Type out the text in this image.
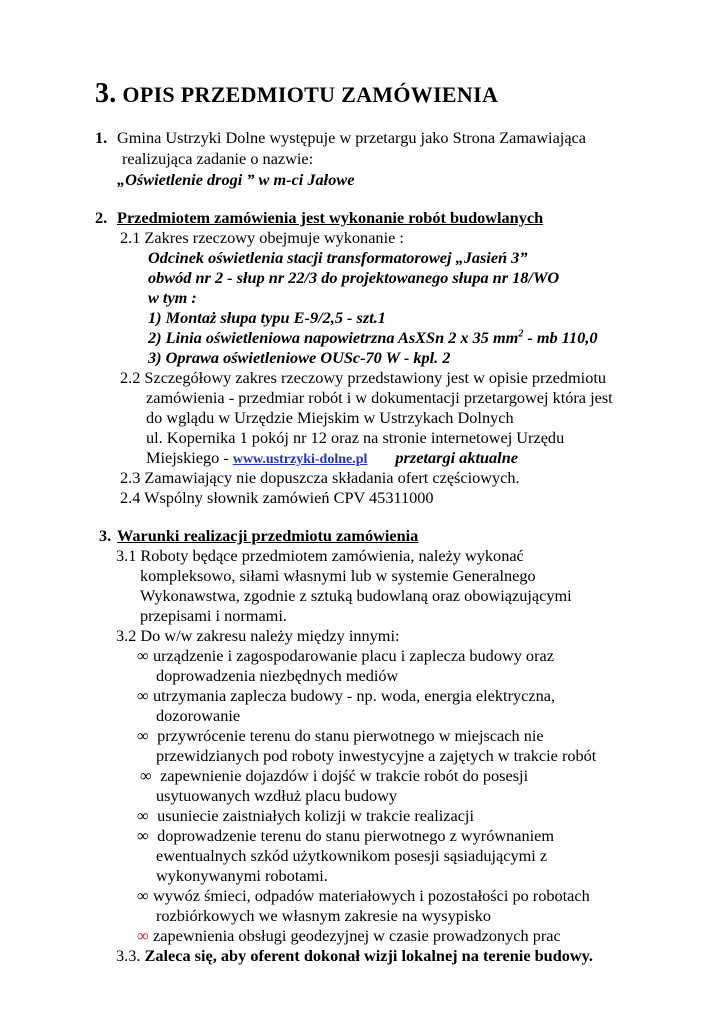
3. OPIS PRZEDMIOTU ZAMÓWIENIA
1. Gmina Ustrzyki Dolne występuje w przetargu jako Strona Zamawiająca
realizująca zadanie o nazwie:
„Oświetlenie drogi ” w m-ci Jałowe
2. Przedmiotem zamówienia jest wykonanie robót budowlanych
2.1 Zakres rzeczowy obejmuje wykonanie :
Odcinek oświetlenia stacji transformatorowej „Jasień 3”
obwód nr 2 - słup nr 22/3 do projektowanego słupa nr 18/WO
w tym :
1) Montaż słupa typu E-9/2,5 - szt.1
2) Linia oświetleniowa napowietrzna AsXSn 2 x 35 $mm^2$ - mb 110,0
3) Oprawa oświetleniowe OUSc-70 W - kpl. 2
2.2 Szczegółowy zakres rzeczowy przedstawiony jest w opisie przedmiotu
zamówienia - przedmiar robót i w dokumentacji przetargowej która jest
do wglądu w Urzędzie Miejskim w Ustrzykach Dolnych
ul. Kopernika 1 pokój nr 12 oraz na stronie internetowej Urzędu
Miejskiego - www.ustrzyki-dolne.pl przetargi aktualne
2.3 Zamawiający nie dopuszcza składania ofert częściowych.
2.4 Wspólny słownik zamówień CPV 45311000
3. Warunki realizacji przedmiotu zamówienia
3.1 Roboty będące przedmiotem zamówienia, należy wykonać
kompleksowo, siłami własnymi lub w systemie Generalnego
Wykonawstwa, zgodnie z sztuką budowlaną oraz obowiązującymi
przepisami i normami.
3.2 Do w/w zakresu należy między innymi:
∞ urządzenie i zagospodarowanie placu i zaplecza budowy oraz
doprowadzenia niezbędnych mediów
∞ utrzymania zaplecza budowy - np. woda, energia elektryczna,
dozorowanie
∞ przywrócenie terenu do stanu pierwotnego w miejscach nie
przewidzianych pod roboty inwestycyjne a zajętych w trakcie robót
∞ zapewnienie dojazdów i dojść w trakcie robót do posesji
usytuowanych wzdłuż placu budowy
∞ usuniecie zaistniałych kolizji w trakcie realizacji
∞ doprowadzenie terenu do stanu pierwotnego z wyrównaniem
ewentualnych szkód użytkownikom posesji sąsiadującymi z
wykonywanymi robotami.
∞ wywóz śmieci, odpadów materiałowych i pozostałości po robotach
rozbiórkowych we własnym zakresie na wysypisko
∞ zapewnienia obsługi geodezyjnej w czasie prowadzonych prac
3.3. Zaleca się, aby oferent dokonał wizji lokalnej na terenie budowy.
